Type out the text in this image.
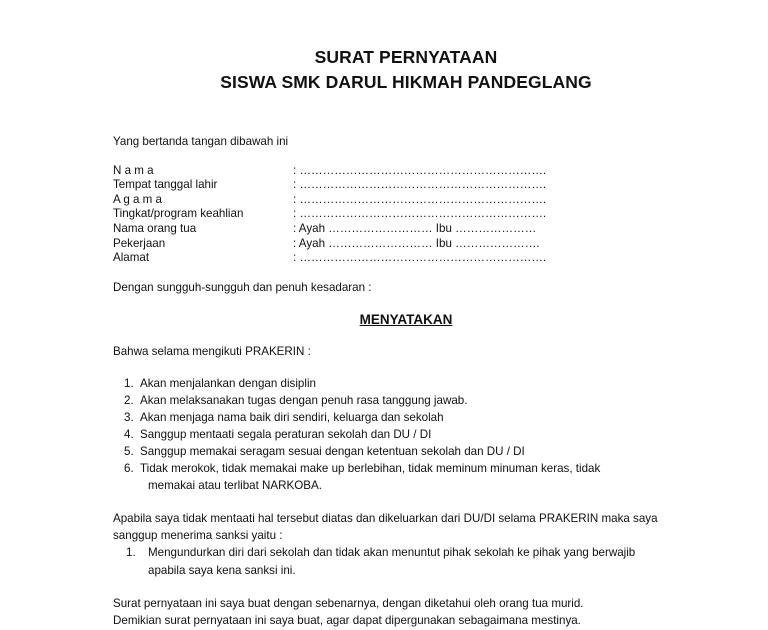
SURAT PERNYATAAN
SISWA SMK DARUL HIKMAH PANDEGLANG
Yang bertanda tangan dibawah ini
N a m a	: ……………………………………………………….
Tempat tanggal lahir	: ……………………………………………………….
A g a m a	: ……………………………………………………….
Tingkat/program keahlian	: ……………………………………………………….
Nama orang tua	: Ayah ……………………… Ibu …………………
Pekerjaan	: Ayah ……………………… Ibu ………………….
Alamat	: ……………………………………………………….
Dengan sungguh-sungguh dan penuh kesadaran :
MENYATAKAN
Bahwa selama mengikuti PRAKERIN :
1. Akan menjalankan dengan disiplin
2. Akan melaksanakan tugas dengan penuh rasa tanggung jawab.
3. Akan menjaga nama baik diri sendiri, keluarga dan sekolah
4. Sanggup mentaati segala peraturan sekolah dan DU / DI
5. Sanggup memakai seragam sesuai dengan ketentuan sekolah dan DU / DI
6. Tidak merokok, tidak memakai make up berlebihan, tidak meminum minuman keras, tidak
memakai atau terlibat NARKOBA.
Apabila saya tidak mentaati hal tersebut diatas dan dikeluarkan dari DU/DI selama PRAKERIN maka saya
sanggup menerima sanksi yaitu :
1. Mengundurkan diri dari sekolah dan tidak akan menuntut pihak sekolah ke pihak yang berwajib
apabila saya kena sanksi ini.
Surat pernyataan ini saya buat dengan sebenarnya, dengan diketahui oleh orang tua murid.
Demikian surat pernyataan ini saya buat, agar dapat dipergunakan sebagaimana mestinya.
